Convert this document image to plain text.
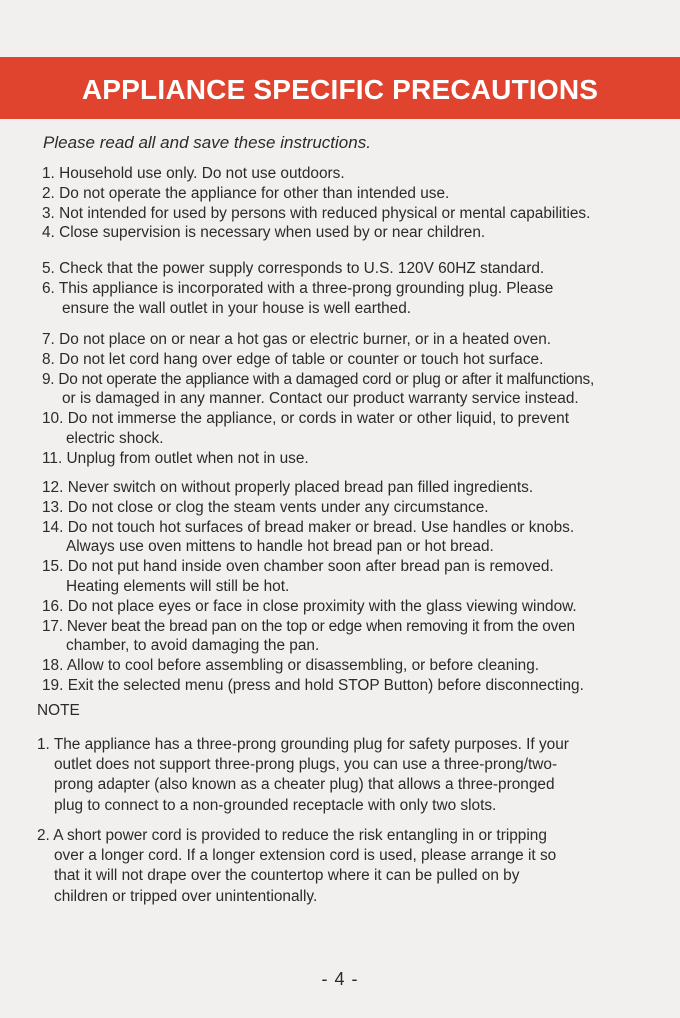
APPLIANCE SPECIFIC PRECAUTIONS
Please read all and save these instructions.
1. Household use only. Do not use outdoors.
2. Do not operate the appliance for other than intended use.
3. Not intended for used by persons with reduced physical or mental capabilities.
4. Close supervision is necessary when used by or near children.
5. Check that the power supply corresponds to U.S. 120V 60HZ standard.
6. This appliance is incorporated with a three-prong grounding plug. Please
ensure the wall outlet in your house is well earthed.
7. Do not place on or near a hot gas or electric burner, or in a heated oven.
8. Do not let cord hang over edge of table or counter or touch hot surface.
9. Do not operate the appliance with a damaged cord or plug or after it malfunctions,
or is damaged in any manner. Contact our product warranty service instead.
10. Do not immerse the appliance, or cords in water or other liquid, to prevent
electric shock.
11. Unplug from outlet when not in use.
12. Never switch on without properly placed bread pan filled ingredients.
13. Do not close or clog the steam vents under any circumstance.
14. Do not touch hot surfaces of bread maker or bread. Use handles or knobs.
Always use oven mittens to handle hot bread pan or hot bread.
15. Do not put hand inside oven chamber soon after bread pan is removed.
Heating elements will still be hot.
16. Do not place eyes or face in close proximity with the glass viewing window.
17. Never beat the bread pan on the top or edge when removing it from the oven
chamber, to avoid damaging the pan.
18. Allow to cool before assembling or disassembling, or before cleaning.
19. Exit the selected menu (press and hold STOP Button) before disconnecting.
NOTE
1. The appliance has a three-prong grounding plug for safety purposes. If your
outlet does not support three-prong plugs, you can use a three-prong/two-
prong adapter (also known as a cheater plug) that allows a three-pronged
plug to connect to a non-grounded receptacle with only two slots.
2. A short power cord is provided to reduce the risk entangling in or tripping
over a longer cord. If a longer extension cord is used, please arrange it so
that it will not drape over the countertop where it can be pulled on by
children or tripped over unintentionally.
- 4 -
